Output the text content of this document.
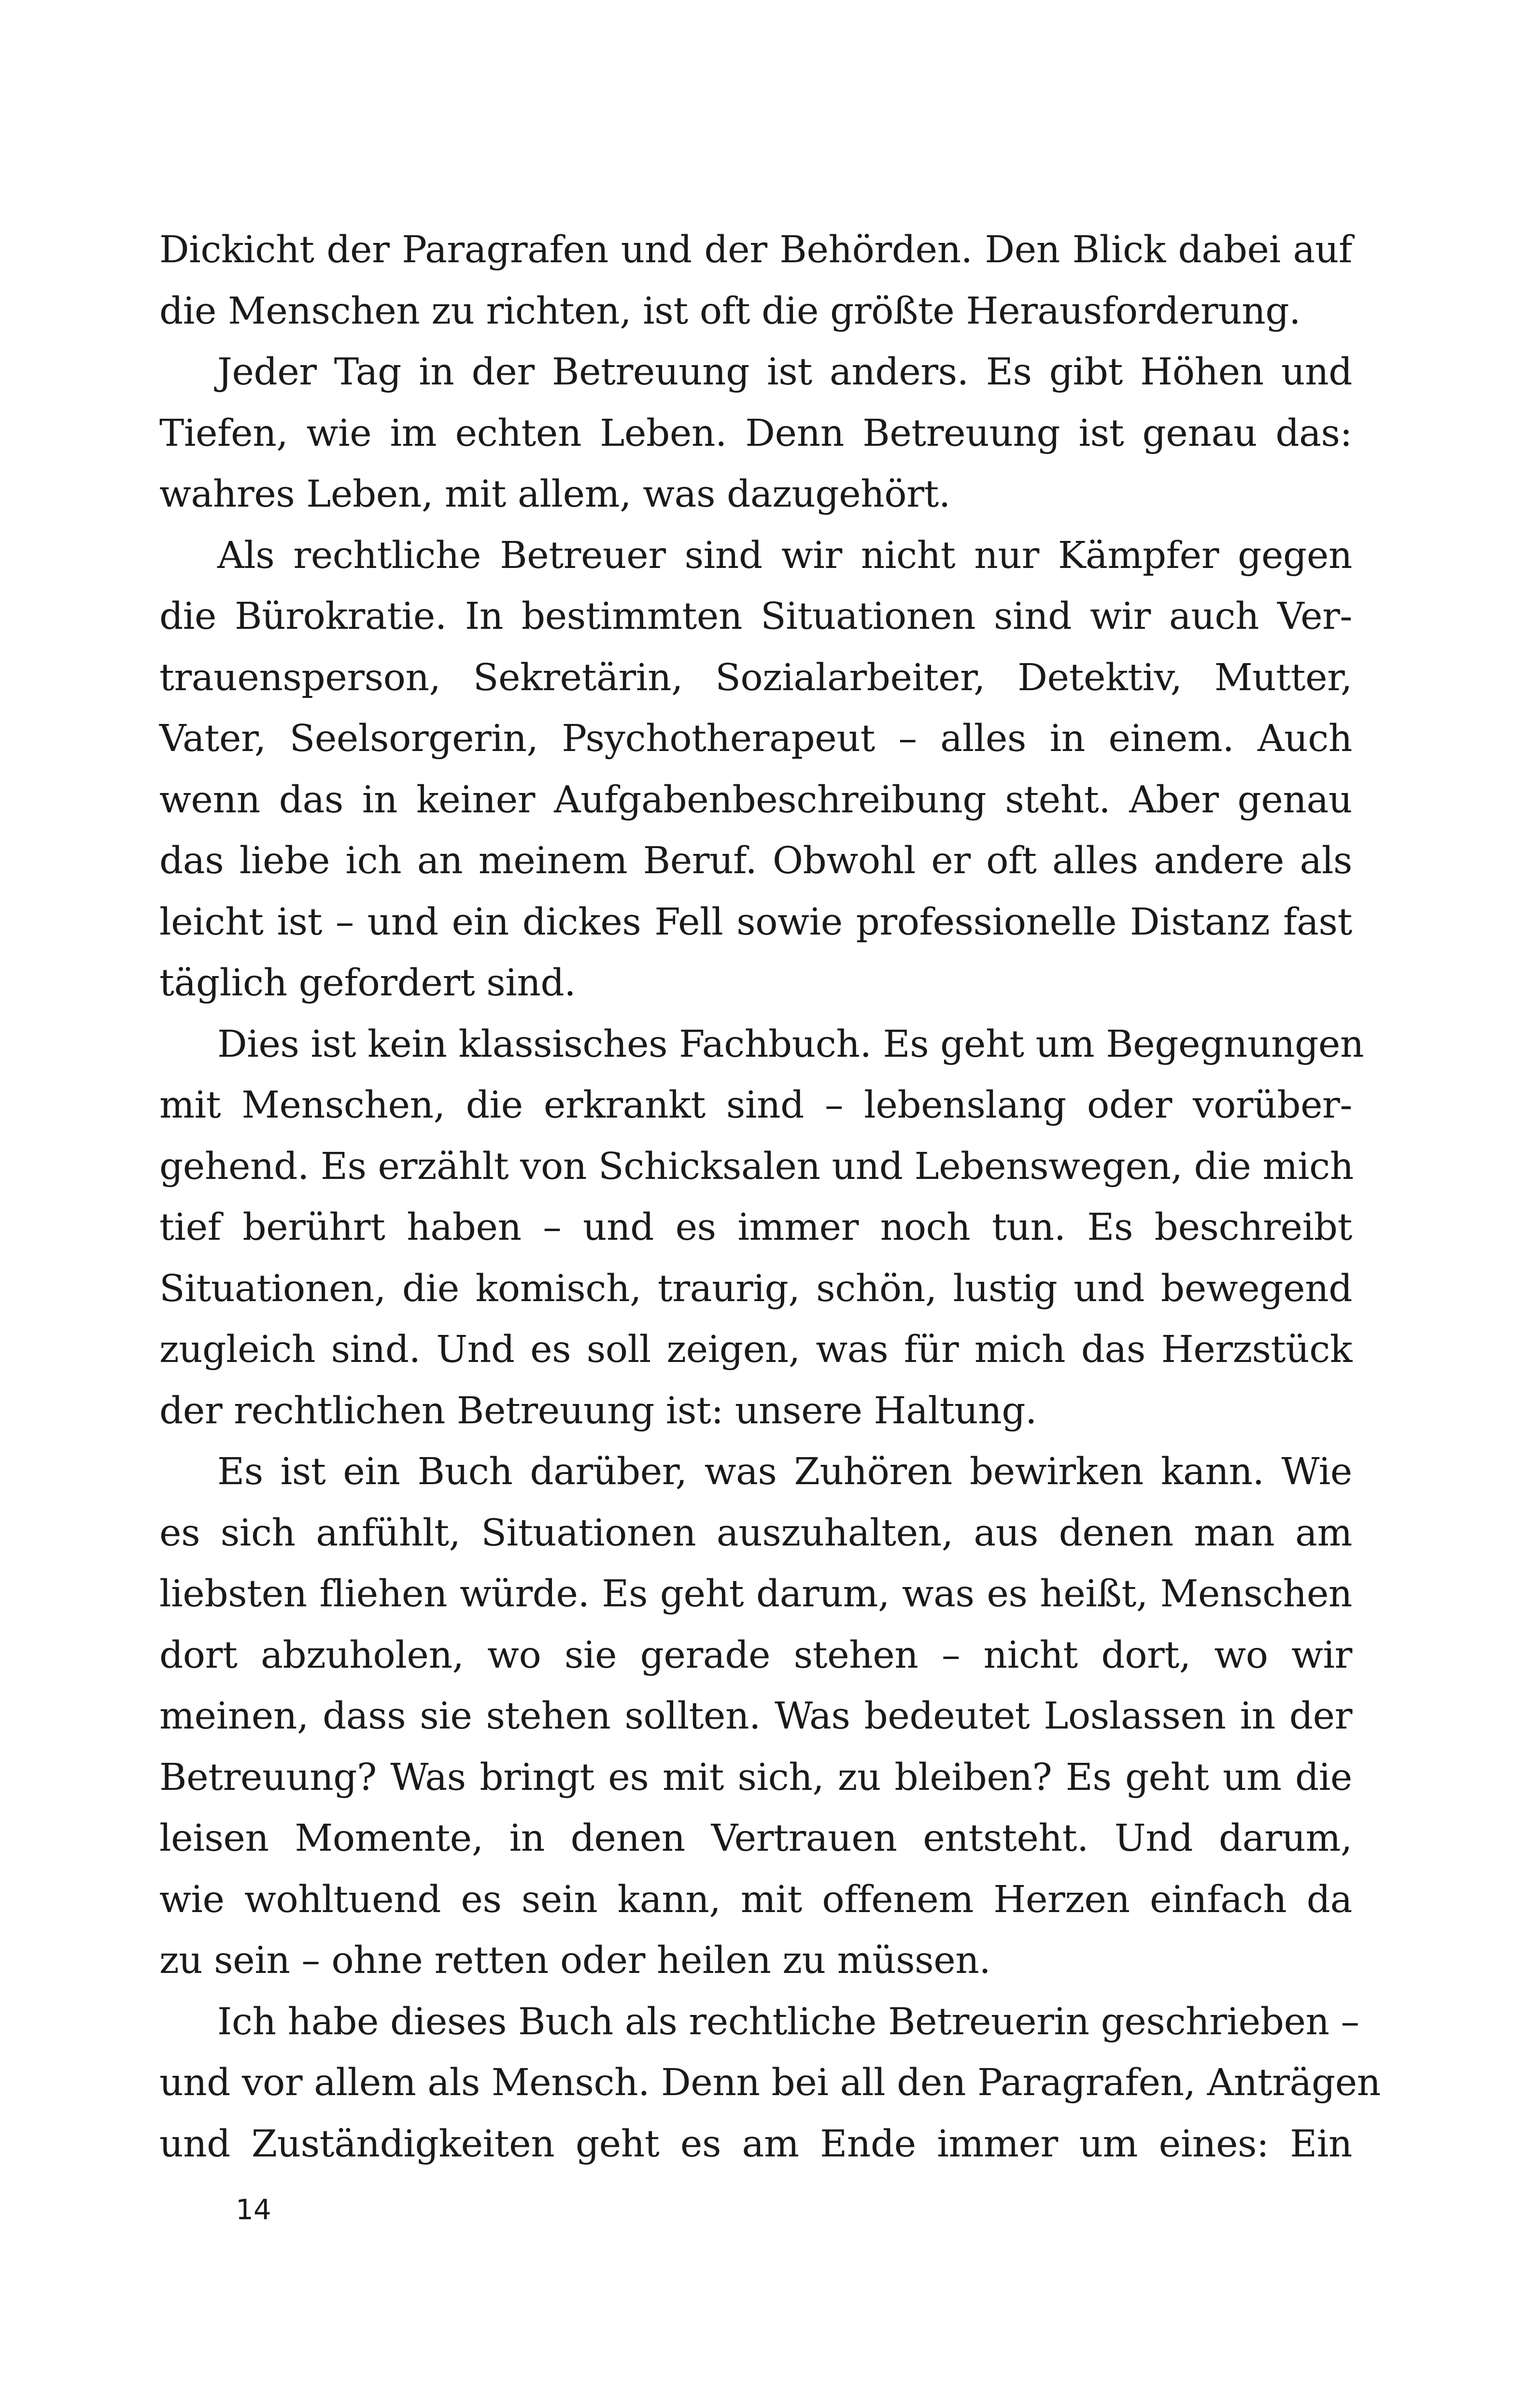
Dickicht der Paragrafen und der Behörden. Den Blick dabei auf
die Menschen zu richten, ist oft die größte Herausforderung.
Jeder Tag in der Betreuung ist anders. Es gibt Höhen und
Tiefen, wie im echten Leben. Denn Betreuung ist genau das:
wahres Leben, mit allem, was dazugehört.
Als rechtliche Betreuer sind wir nicht nur Kämpfer gegen
die Bürokratie. In bestimmten Situationen sind wir auch Ver-
trauensperson, Sekretärin, Sozialarbeiter, Detektiv, Mutter,
Vater, Seelsorgerin, Psychotherapeut – alles in einem. Auch
wenn das in keiner Aufgabenbeschreibung steht. Aber genau
das liebe ich an meinem Beruf. Obwohl er oft alles andere als
leicht ist – und ein dickes Fell sowie professionelle Distanz fast
täglich gefordert sind.
Dies ist kein klassisches Fachbuch. Es geht um Begegnungen
mit Menschen, die erkrankt sind – lebenslang oder vorüber-
gehend. Es erzählt von Schicksalen und Lebenswegen, die mich
tief berührt haben – und es immer noch tun. Es beschreibt
Situationen, die komisch, traurig, schön, lustig und bewegend
zugleich sind. Und es soll zeigen, was für mich das Herzstück
der rechtlichen Betreuung ist: unsere Haltung.
Es ist ein Buch darüber, was Zuhören bewirken kann. Wie
es sich anfühlt, Situationen auszuhalten, aus denen man am
liebsten fliehen würde. Es geht darum, was es heißt, Menschen
dort abzuholen, wo sie gerade stehen – nicht dort, wo wir
meinen, dass sie stehen sollten. Was bedeutet Loslassen in der
Betreuung? Was bringt es mit sich, zu bleiben? Es geht um die
leisen Momente, in denen Vertrauen entsteht. Und darum,
wie wohltuend es sein kann, mit offenem Herzen einfach da
zu sein – ohne retten oder heilen zu müssen.
Ich habe dieses Buch als rechtliche Betreuerin geschrieben –
und vor allem als Mensch. Denn bei all den Paragrafen, Anträgen
und Zuständigkeiten geht es am Ende immer um eines: Ein
14
